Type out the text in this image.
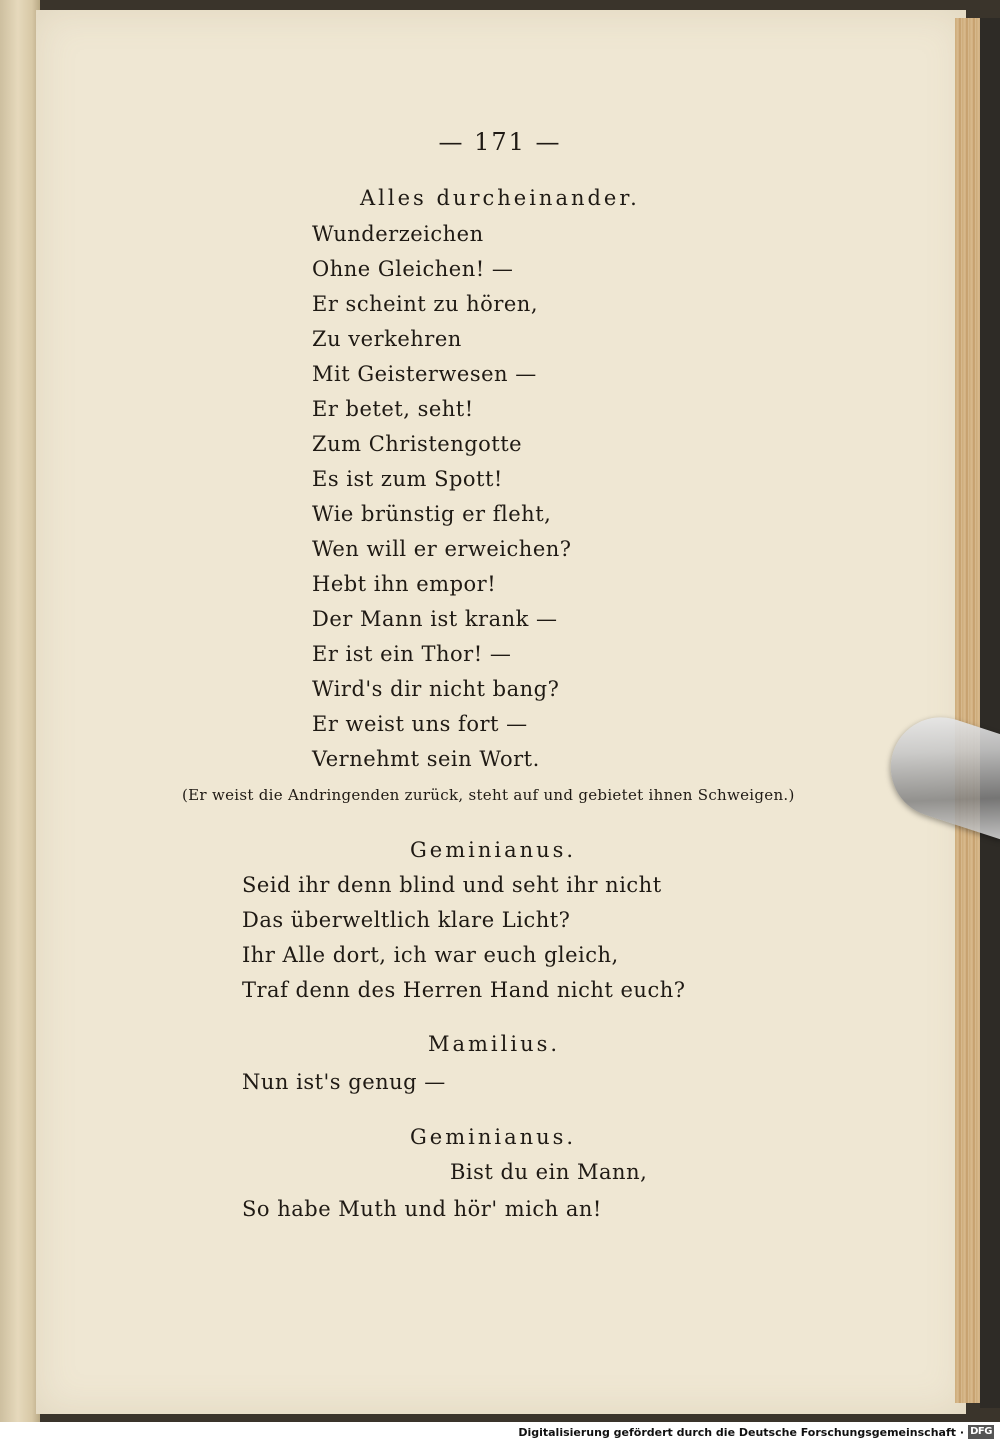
— 171 —
Alles durcheinander.
Wunderzeichen
Ohne Gleichen! —
Er scheint zu hören,
Zu verkehren
Mit Geisterwesen —
Er betet, seht!
Zum Christengotte
Es ist zum Spott!
Wie brünstig er fleht,
Wen will er erweichen?
Hebt ihn empor!
Der Mann ist krank —
Er ist ein Thor! —
Wird's dir nicht bang?
Er weist uns fort —
Vernehmt sein Wort.
(Er weist die Andringenden zurück, steht auf und gebietet ihnen Schweigen.)
Geminianus.
Seid ihr denn blind und seht ihr nicht
Das überweltlich klare Licht?
Ihr Alle dort, ich war euch gleich,
Traf denn des Herren Hand nicht euch?
Mamilius.
Nun ist's genug —
Geminianus.
Bist du ein Mann,
So habe Muth und hör' mich an!
Digitalisierung gefördert durch die Deutsche Forschungsgemeinschaft · DFG
